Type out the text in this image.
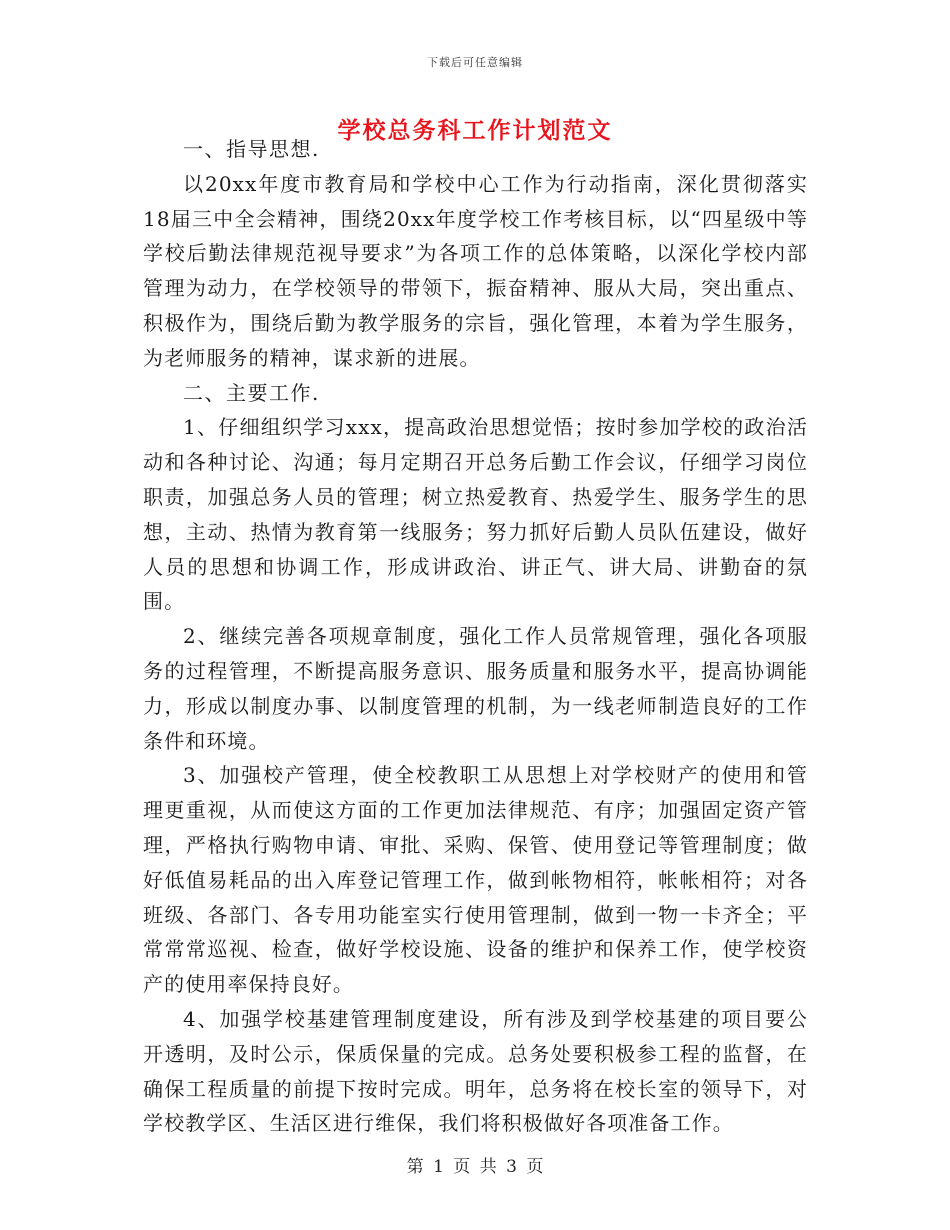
下载后可任意编辑
学校总务科工作计划范文

一、指导思想.

以20xx年度市教育局和学校中心工作为行动指南，深化贯彻落实18届三中全会精神，围绕20xx年度学校工作考核目标，以“四星级中等学校后勤法律规范视导要求”为各项工作的总体策略，以深化学校内部管理为动力，在学校领导的带领下，振奋精神、服从大局，突出重点、积极作为，围绕后勤为教学服务的宗旨，强化管理，本着为学生服务，为老师服务的精神，谋求新的进展。

二、主要工作.

1、仔细组织学习xxx，提高政治思想觉悟；按时参加学校的政治活动和各种讨论、沟通；每月定期召开总务后勤工作会议，仔细学习岗位职责，加强总务人员的管理；树立热爱教育、热爱学生、服务学生的思想，主动、热情为教育第一线服务；努力抓好后勤人员队伍建设，做好人员的思想和协调工作，形成讲政治、讲正气、讲大局、讲勤奋的氛围。

2、继续完善各项规章制度，强化工作人员常规管理，强化各项服务的过程管理，不断提高服务意识、服务质量和服务水平，提高协调能力，形成以制度办事、以制度管理的机制，为一线老师制造良好的工作条件和环境。

3、加强校产管理，使全校教职工从思想上对学校财产的使用和管理更重视，从而使这方面的工作更加法律规范、有序；加强固定资产管理，严格执行购物申请、审批、采购、保管、使用登记等管理制度；做好低值易耗品的出入库登记管理工作，做到帐物相符，帐帐相符；对各班级、各部门、各专用功能室实行使用管理制，做到一物一卡齐全；平常常常巡视、检查，做好学校设施、设备的维护和保养工作，使学校资产的使用率保持良好。

4、加强学校基建管理制度建设，所有涉及到学校基建的项目要公开透明，及时公示，保质保量的完成。总务处要积极参工程的监督，在确保工程质量的前提下按时完成。明年，总务将在校长室的领导下，对学校教学区、生活区进行维保，我们将积极做好各项准备工作。

第 1 页 共 3 页
